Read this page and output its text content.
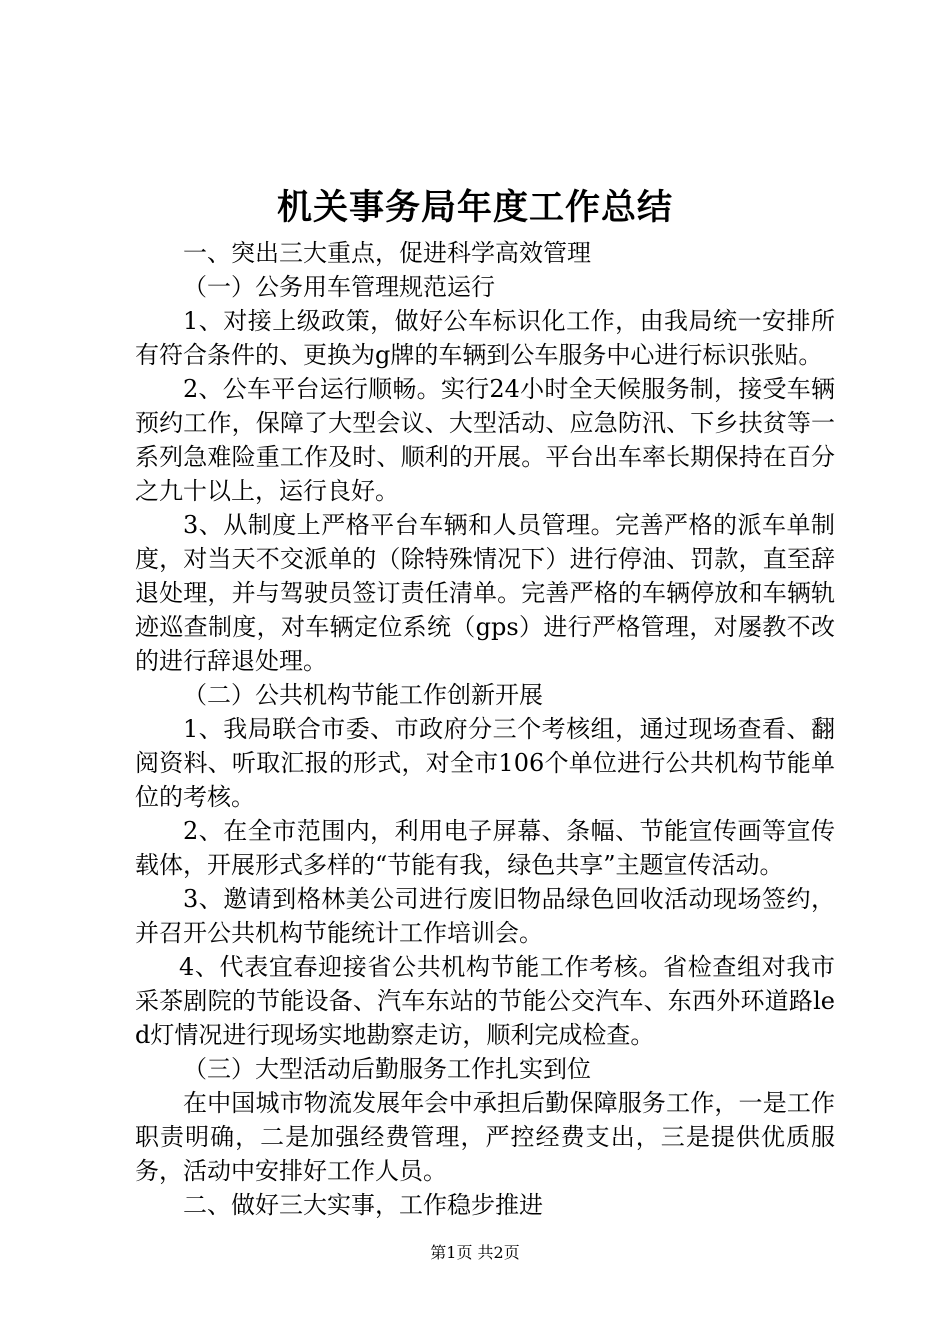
机关事务局年度工作总结

一、突出三大重点，促进科学高效管理

（一）公务用车管理规范运行

1、对接上级政策，做好公车标识化工作，由我局统一安排所有符合条件的、更换为g牌的车辆到公车服务中心进行标识张贴。

2、公车平台运行顺畅。实行24小时全天候服务制，接受车辆预约工作，保障了大型会议、大型活动、应急防汛、下乡扶贫等一系列急难险重工作及时、顺利的开展。平台出车率长期保持在百分之九十以上，运行良好。

3、从制度上严格平台车辆和人员管理。完善严格的派车单制度，对当天不交派单的（除特殊情况下）进行停油、罚款，直至辞退处理，并与驾驶员签订责任清单。完善严格的车辆停放和车辆轨迹巡查制度，对车辆定位系统（gps）进行严格管理，对屡教不改的进行辞退处理。

（二）公共机构节能工作创新开展

1、我局联合市委、市政府分三个考核组，通过现场查看、翻阅资料、听取汇报的形式，对全市106个单位进行公共机构节能单位的考核。

2、在全市范围内，利用电子屏幕、条幅、节能宣传画等宣传载体，开展形式多样的“节能有我，绿色共享”主题宣传活动。

3、邀请到格林美公司进行废旧物品绿色回收活动现场签约，并召开公共机构节能统计工作培训会。

4、代表宜春迎接省公共机构节能工作考核。省检查组对我市采茶剧院的节能设备、汽车东站的节能公交汽车、东西外环道路led灯情况进行现场实地勘察走访，顺利完成检查。

（三）大型活动后勤服务工作扎实到位

在中国城市物流发展年会中承担后勤保障服务工作，一是工作职责明确，二是加强经费管理，严控经费支出，三是提供优质服务，活动中安排好工作人员。

二、做好三大实事，工作稳步推进

第1页 共2页
